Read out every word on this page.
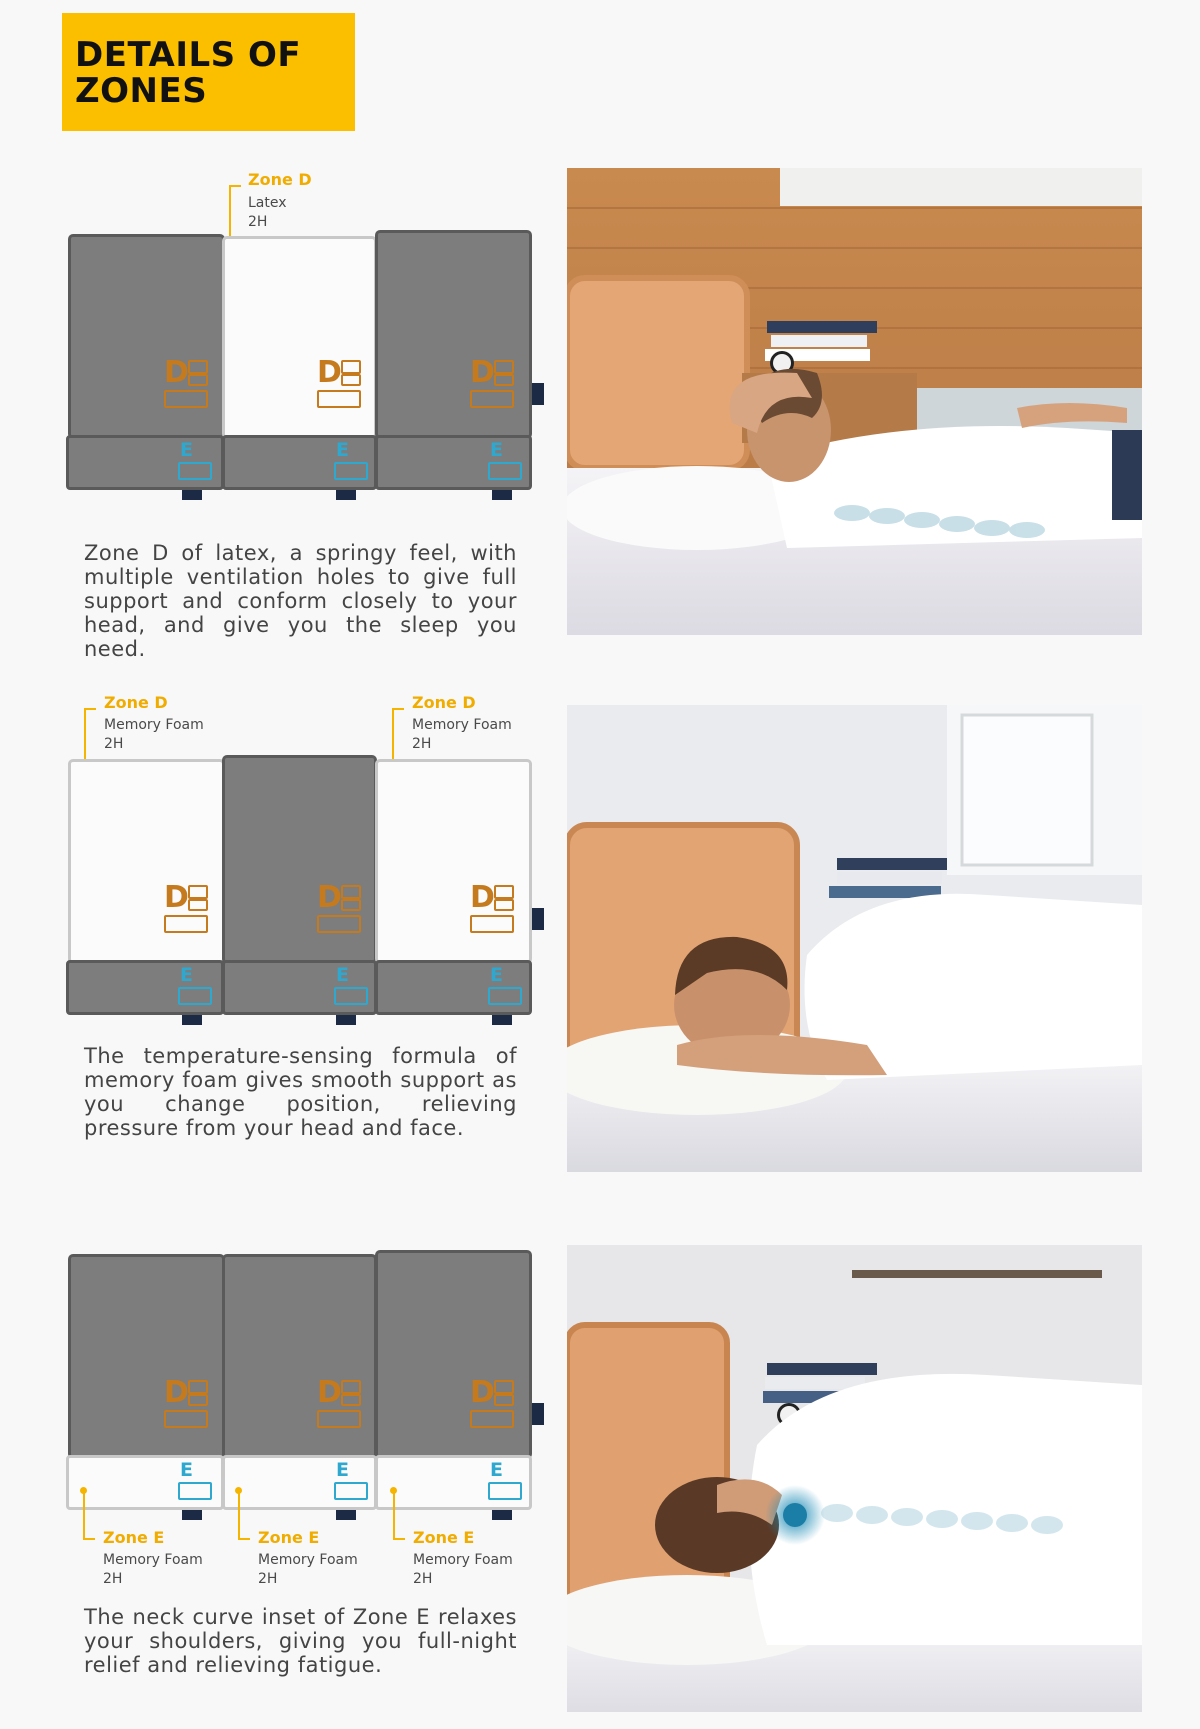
DETAILS OF ZONES
Zone D
Latex
2H
D	D	D
E	E	E
Zone D of latex, a springy feel, with multiple ventilation holes to give full support and conform closely to your head, and give you the sleep you need.
Zone D
Memory Foam
2H
Zone D
Memory Foam
2H
D	D	D
E	E	E
The temperature-sensing formula of memory foam gives smooth support as you change position, relieving pressure from your head and face.
D	D	D
E	E	E
Zone E
Memory Foam
2H
Zone E
Memory Foam
2H
Zone E
Memory Foam
2H
The neck curve inset of Zone E relaxes your shoulders, giving you full-night relief and relieving fatigue.
